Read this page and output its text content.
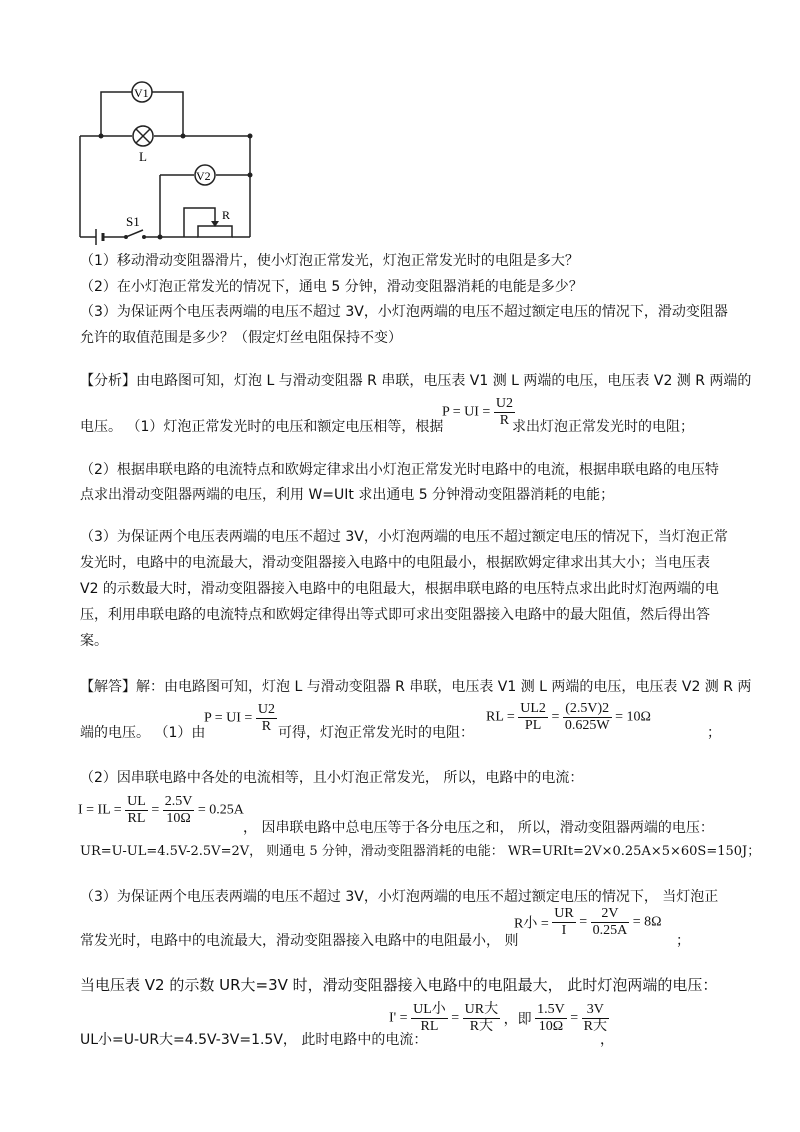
V1
V2
L
S1	R
（1）移动滑动变阻器滑片，使小灯泡正常发光，灯泡正常发光时的电阻是多大？
（2）在小灯泡正常发光的情况下，通电 5 分钟，滑动变阻器消耗的电能是多少？
（3）为保证两个电压表两端的电压不超过 3V，小灯泡两端的电压不超过额定电压的情况下，滑动变阻器
允许的取值范围是多少？（假定灯丝电阻保持不变）
【分析】由电路图可知，灯泡 L 与滑动变阻器 R 串联，电压表 V1 测 L 两端的电压，电压表 V2 测 R 两端的
电压。 （1）灯泡正常发光时的电压和额定电压相等，根据
P = UI = $\frac{U2}{R}$
求出灯泡正常发光时的电阻；
（2）根据串联电路的电流特点和欧姆定律求出小灯泡正常发光时电路中的电流，根据串联电路的电压特
点求出滑动变阻器两端的电压，利用 W=UIt 求出通电 5 分钟滑动变阻器消耗的电能；
（3）为保证两个电压表两端的电压不超过 3V，小灯泡两端的电压不超过额定电压的情况下，当灯泡正常
发光时，电路中的电流最大，滑动变阻器接入电路中的电阻最小，根据欧姆定律求出其大小；当电压表
V2 的示数最大时，滑动变阻器接入电路中的电阻最大，根据串联电路的电压特点求出此时灯泡两端的电
压，利用串联电路的电流特点和欧姆定律得出等式即可求出变阻器接入电路中的最大阻值，然后得出答
案。
【解答】解：由电路图可知，灯泡 L 与滑动变阻器 R 串联，电压表 V1 测 L 两端的电压，电压表 V2 测 R 两
端的电压。 （1）由
P = UI = $\frac{U2}{R}$ 可得，灯泡正常发光时的电阻：
RL = $\frac{UL2}{PL} = \frac{(2.5V)2}{0.625W} = 10\Omega$
；
（2）因串联电路中各处的电流相等，且小灯泡正常发光， 所以，电路中的电流：
I = IL = $\frac{UL}{RL} = \frac{2.5V}{10\Omega} = 0.25A$
， 因串联电路中总电压等于各分电压之和， 所以，滑动变阻器两端的电压：
UR=U-UL=4.5V-2.5V=2V， 则通电 5 分钟，滑动变阻器消耗的电能： WR=URIt=2V×0.25A×5×60S=150J；
（3）为保证两个电压表两端的电压不超过 3V，小灯泡两端的电压不超过额定电压的情况下， 当灯泡正
常发光时，电路中的电流最大，滑动变阻器接入电路中的电阻最小， 则
R小 = $\frac{UR}{I} = \frac{2V}{0.25A} = 8\Omega$
；
当电压表 V2 的示数 UR大=3V 时，滑动变阻器接入电路中的电阻最大， 此时灯泡两端的电压：
UL小=U-UR大=4.5V-3V=1.5V， 此时电路中的电流：
$I' = \frac{\text{UL小}}{RL} = \frac{\text{UR大}}{\text{R大}}$ ，即 $\frac{1.5V}{10\Omega} = \frac{3V}{\text{R大}}$
，
